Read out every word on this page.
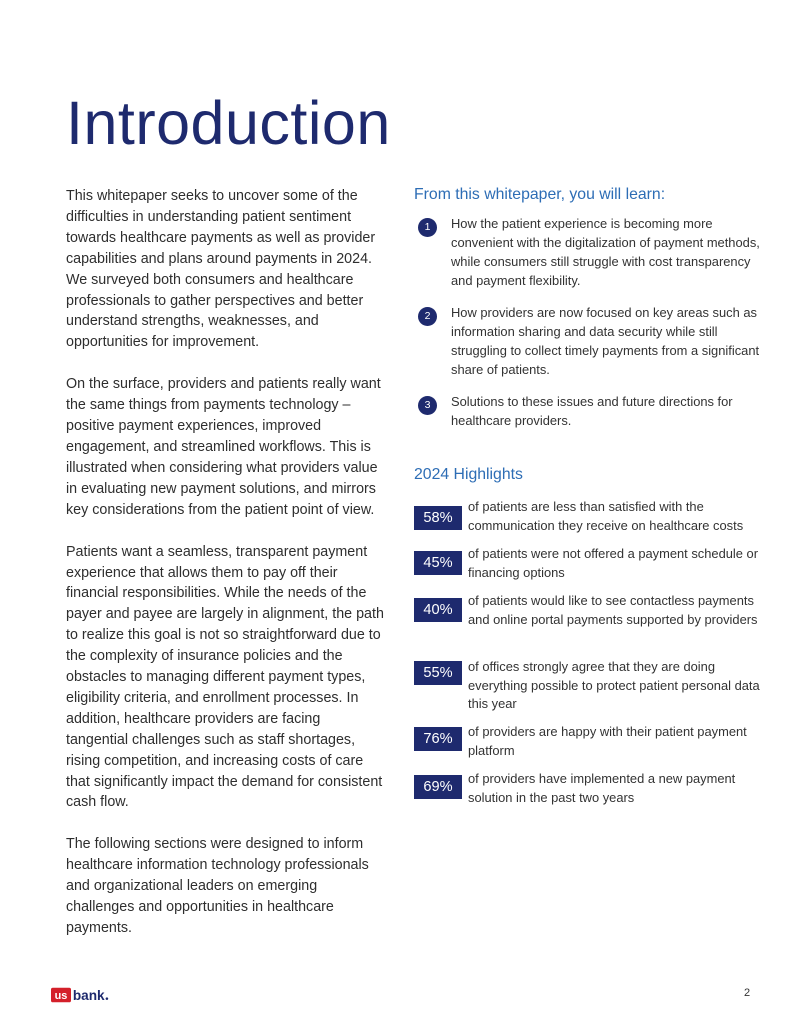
Introduction

This whitepaper seeks to uncover some of the difficulties in understanding patient sentiment towards healthcare payments as well as provider capabilities and plans around payments in 2024. We surveyed both consumers and healthcare professionals to gather perspectives and better understand strengths, weaknesses, and opportunities for improvement.

On the surface, providers and patients really want the same things from payments technology – positive payment experiences, improved engagement, and streamlined workflows. This is illustrated when considering what providers value in evaluating new payment solutions, and mirrors key considerations from the patient point of view.

Patients want a seamless, transparent payment experience that allows them to pay off their financial responsibilities. While the needs of the payer and payee are largely in alignment, the path to realize this goal is not so straightforward due to the complexity of insurance policies and the obstacles to managing different payment types, eligibility criteria, and enrollment processes. In addition, healthcare providers are facing tangential challenges such as staff shortages, rising competition, and increasing costs of care that significantly impact the demand for consistent cash flow.

The following sections were designed to inform healthcare information technology professionals and organizational leaders on emerging challenges and opportunities in healthcare payments.

From this whitepaper, you will learn:
1	How the patient experience is becoming more convenient with the digitalization of payment methods, while consumers still struggle with cost transparency and payment flexibility.
2	How providers are now focused on key areas such as information sharing and data security while still struggling to collect timely payments from a significant share of patients.
3	Solutions to these issues and future directions for healthcare providers.
2024 Highlights
58%
of patients are less than satisfied with the communication they receive on healthcare costs
45%
of patients were not offered a payment schedule or financing options
40%
of patients would like to see contactless payments and online portal payments supported by providers
55%	of offices strongly agree that they are doing everything possible to protect patient personal data this year
76%	of providers are happy with their patient payment platform
69%
of providers have implemented a new payment solution in the past two years
us bank	2
